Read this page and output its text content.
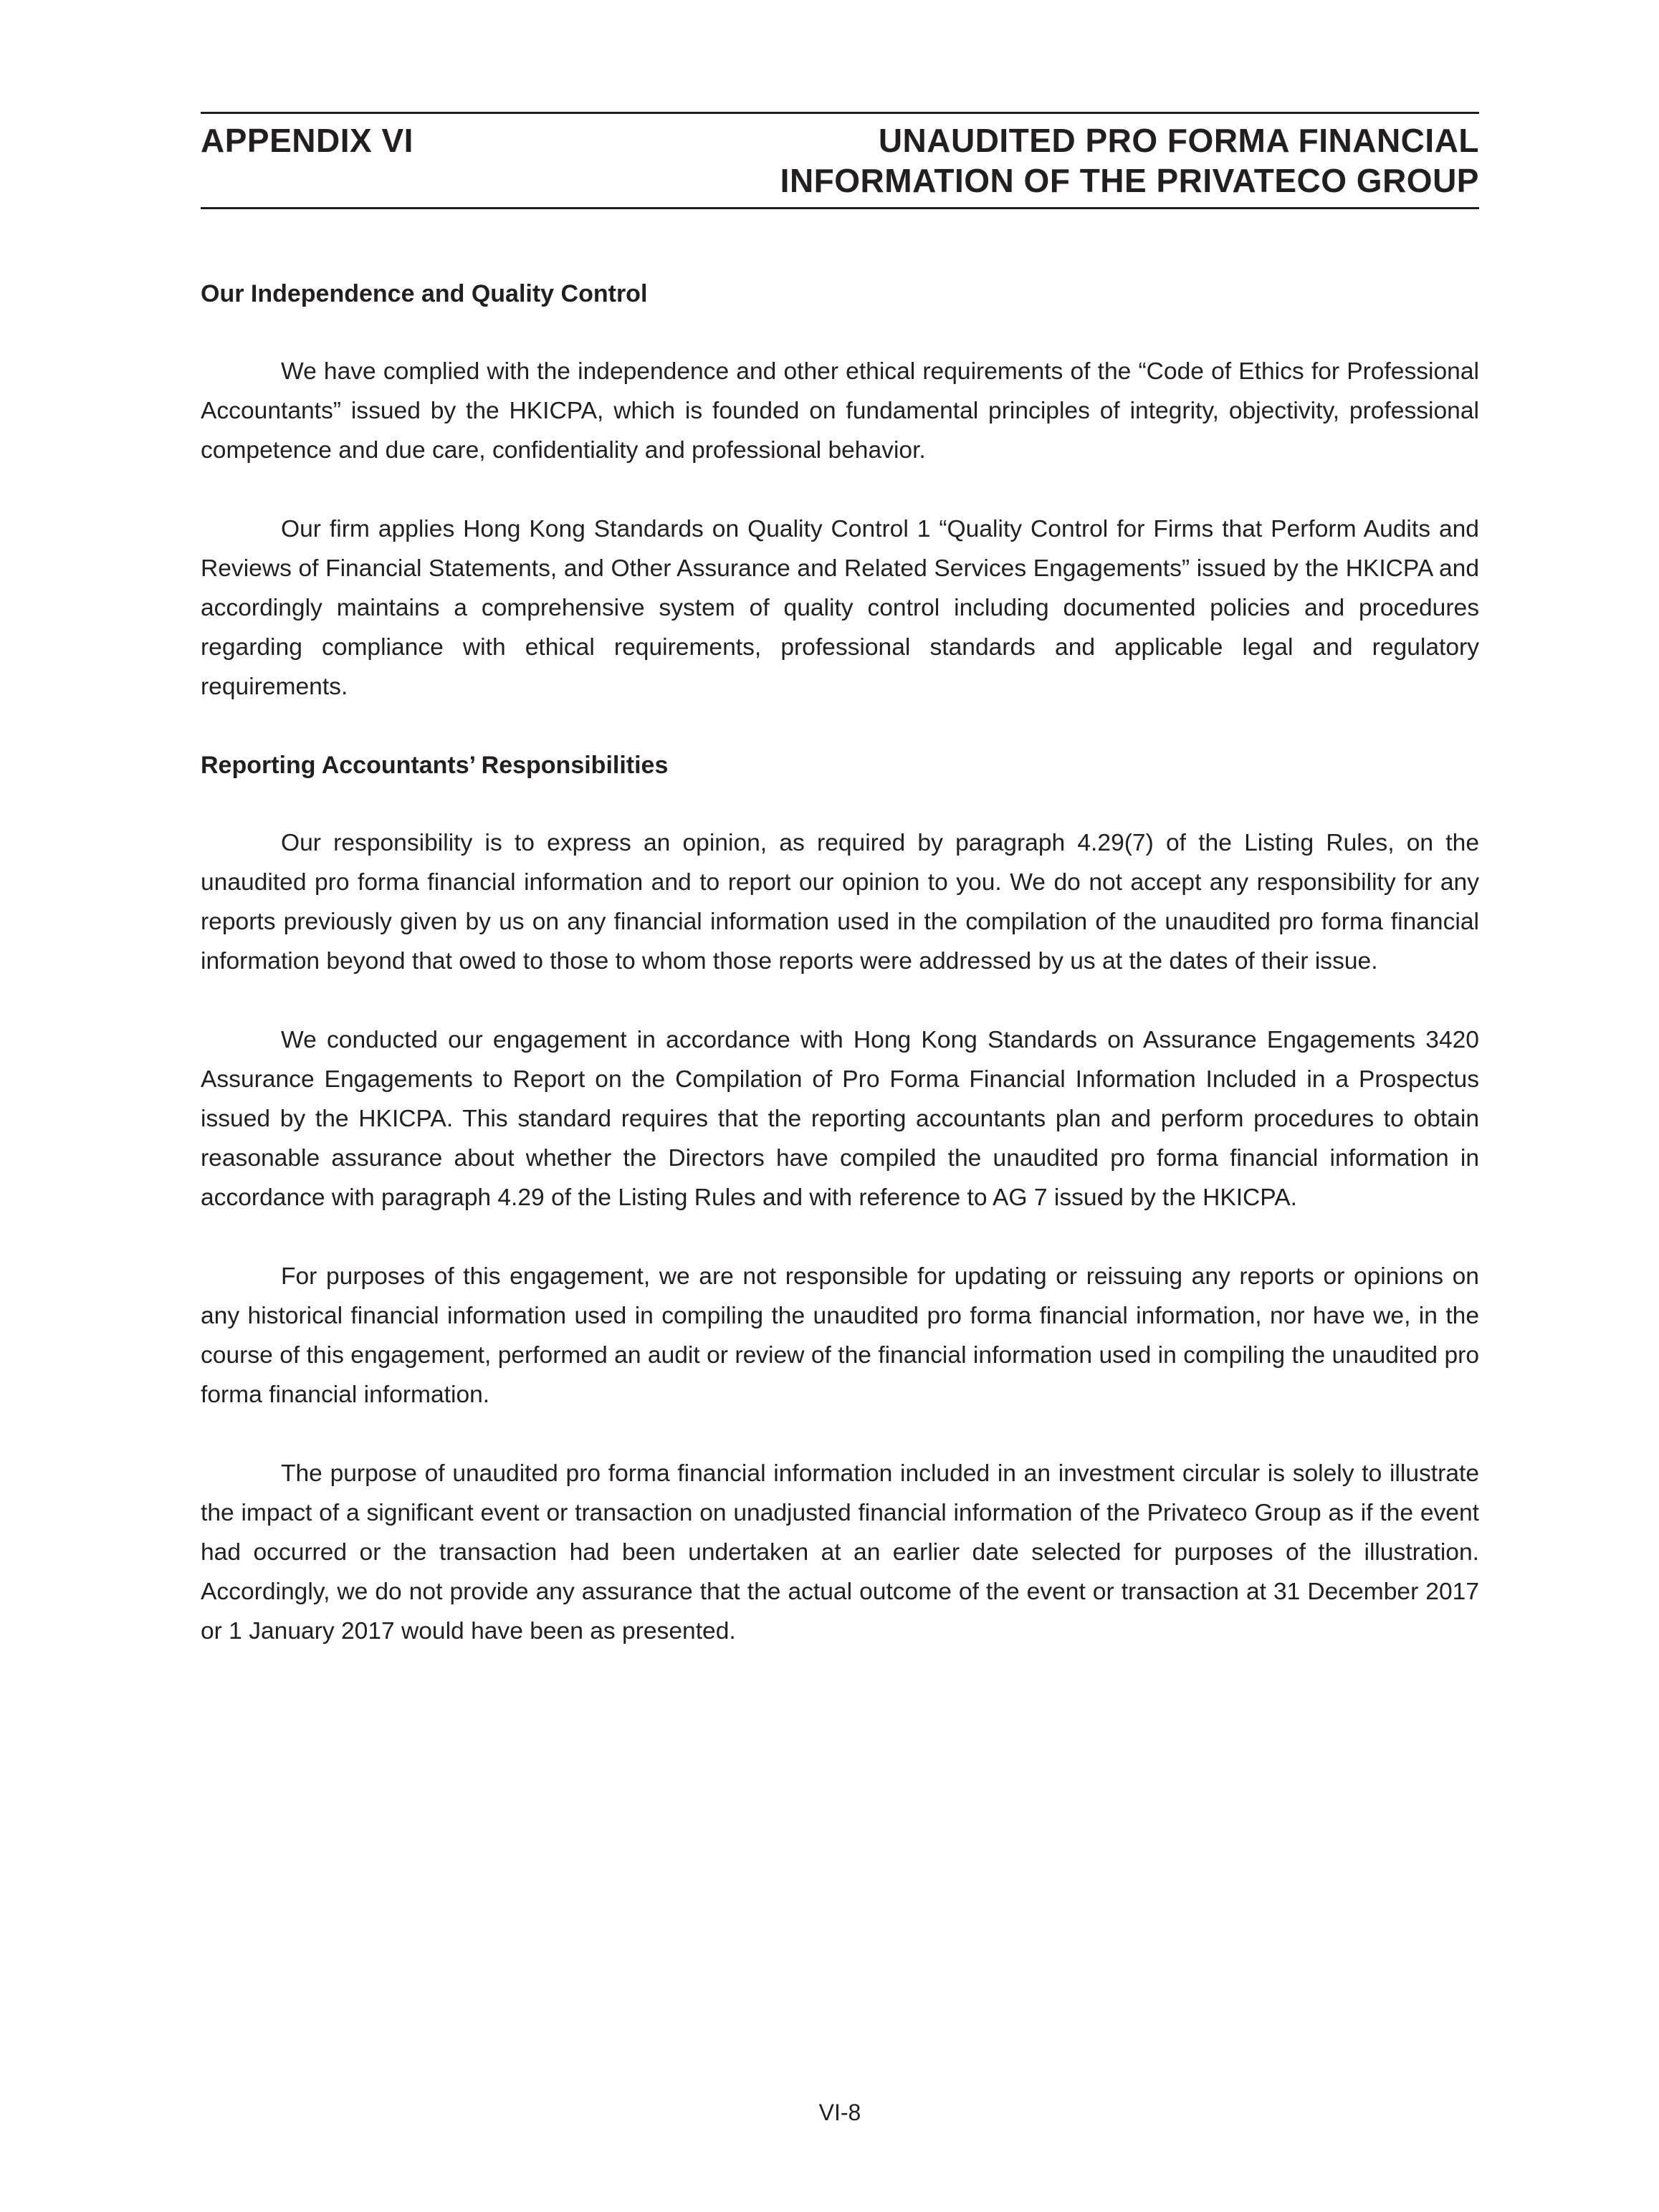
APPENDIX VI	UNAUDITED PRO FORMA FINANCIAL
INFORMATION OF THE PRIVATECO GROUP
Our Independence and Quality Control

We have complied with the independence and other ethical requirements of the “Code of Ethics for Professional Accountants” issued by the HKICPA, which is founded on fundamental principles of integrity, objectivity, professional competence and due care, confidentiality and professional behavior.

Our firm applies Hong Kong Standards on Quality Control 1 “Quality Control for Firms that Perform Audits and Reviews of Financial Statements, and Other Assurance and Related Services Engagements” issued by the HKICPA and accordingly maintains a comprehensive system of quality control including documented policies and procedures regarding compliance with ethical requirements, professional standards and applicable legal and regulatory requirements.

Reporting Accountants’ Responsibilities

Our responsibility is to express an opinion, as required by paragraph 4.29(7) of the Listing Rules, on the unaudited pro forma financial information and to report our opinion to you. We do not accept any responsibility for any reports previously given by us on any financial information used in the compilation of the unaudited pro forma financial information beyond that owed to those to whom those reports were addressed by us at the dates of their issue.

We conducted our engagement in accordance with Hong Kong Standards on Assurance Engagements 3420 Assurance Engagements to Report on the Compilation of Pro Forma Financial Information Included in a Prospectus issued by the HKICPA. This standard requires that the reporting accountants plan and perform procedures to obtain reasonable assurance about whether the Directors have compiled the unaudited pro forma financial information in accordance with paragraph 4.29 of the Listing Rules and with reference to AG 7 issued by the HKICPA.

For purposes of this engagement, we are not responsible for updating or reissuing any reports or opinions on any historical financial information used in compiling the unaudited pro forma financial information, nor have we, in the course of this engagement, performed an audit or review of the financial information used in compiling the unaudited pro forma financial information.

The purpose of unaudited pro forma financial information included in an investment circular is solely to illustrate the impact of a significant event or transaction on unadjusted financial information of the Privateco Group as if the event had occurred or the transaction had been undertaken at an earlier date selected for purposes of the illustration. Accordingly, we do not provide any assurance that the actual outcome of the event or transaction at 31 December 2017 or 1 January 2017 would have been as presented.

VI-8
